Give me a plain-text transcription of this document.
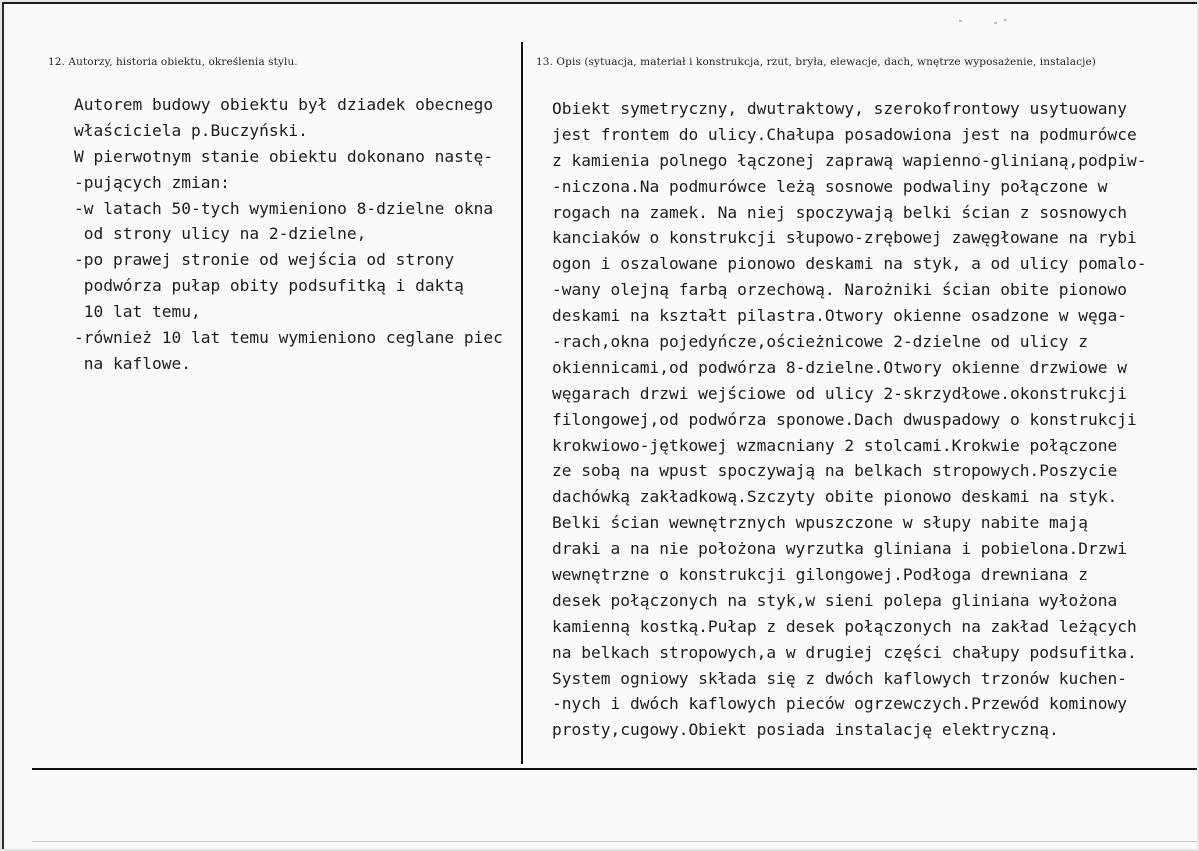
12. Autorzy, historia obiektu, określenia stylu.	13. Opis (sytuacja, materiał i konstrukcja, rzut, bryła, elewacje, dach, wnętrze wyposażenie, instalacje)
Autorem budowy obiektu był dziadek obecnego
właściciela p.Buczyński.
W pierwotnym stanie obiektu dokonano nastę-
-pujących zmian:
-w latach 50-tych wymieniono 8-dzielne okna
od strony ulicy na 2-dzielne,
-po prawej stronie od wejścia od strony
podwórza pułap obity podsufitką i daktą
10 lat temu,
-również 10 lat temu wymieniono ceglane piec
na kaflowe.
Obiekt symetryczny, dwutraktowy, szerokofrontowy usytuowany
jest frontem do ulicy.Chałupa posadowiona jest na podmurówce
z kamienia polnego łączonej zaprawą wapienno-glinianą,podpiw-
-niczona.Na podmurówce leżą sosnowe podwaliny połączone w
rogach na zamek. Na niej spoczywają belki ścian z sosnowych
kanciaków o konstrukcji słupowo-zrębowej zawęgłowane na rybi
ogon i oszalowane pionowo deskami na styk, a od ulicy pomalo-
-wany olejną farbą orzechową. Narożniki ścian obite pionowo
deskami na kształt pilastra.Otwory okienne osadzone w węga-
-rach,okna pojedyńcze,ościeżnicowe 2-dzielne od ulicy z
okiennicami,od podwórza 8-dzielne.Otwory okienne drzwiowe w
węgarach drzwi wejściowe od ulicy 2-skrzydłowe.okonstrukcji
filongowej,od podwórza sponowe.Dach dwuspadowy o konstrukcji
krokwiowo-jętkowej wzmacniany 2 stolcami.Krokwie połączone
ze sobą na wpust spoczywają na belkach stropowych.Poszycie
dachówką zakładkową.Szczyty obite pionowo deskami na styk.
Belki ścian wewnętrznych wpuszczone w słupy nabite mają
draki a na nie położona wyrzutka gliniana i pobielona.Drzwi
wewnętrzne o konstrukcji gilongowej.Podłoga drewniana z
desek połączonych na styk,w sieni polepa gliniana wyłożona
kamienną kostką.Pułap z desek połączonych na zakład leżących
na belkach stropowych,a w drugiej części chałupy podsufitka.
System ogniowy składa się z dwóch kaflowych trzonów kuchen-
-nych i dwóch kaflowych pieców ogrzewczych.Przewód kominowy
prosty,cugowy.Obiekt posiada instalację elektryczną.
